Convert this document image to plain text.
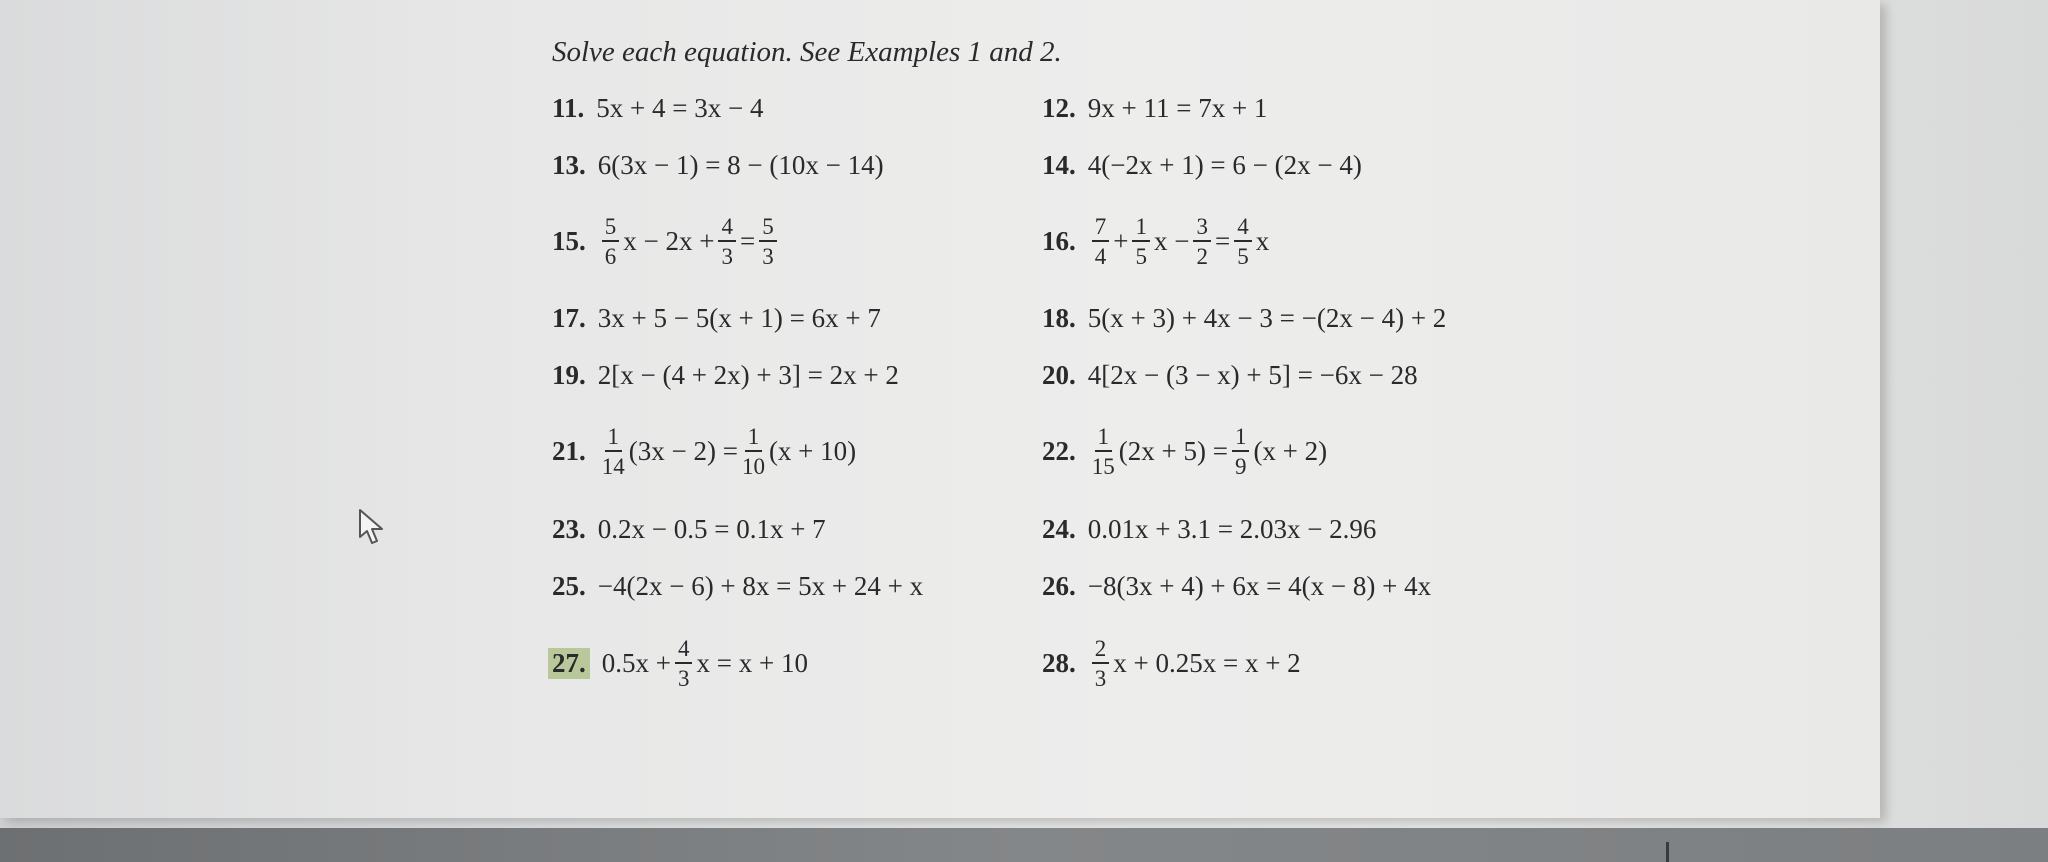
Solve each equation. See Examples 1 and 2.
11. 5x + 4 = 3x − 4	12. 9x + 11 = 7x + 1
13. 6(3x − 1) = 8 − (10x − 14)	14. 4(−2x + 1) = 6 − (2x − 4)
15. $\frac{5}{6}$ $x - 2x + \frac{4}{3} = \frac{5}{3}$	16. $\frac{7}{4} + \frac{1}{5}$ $x - \frac{3}{2} = \frac{4}{5}$ x
17. 3x + 5 − 5(x + 1) = 6x + 7	18. 5(x + 3) + 4x − 3 = −(2x − 4) + 2
19. 2[x − (4 + 2x) + 3] = 2x + 2	20. 4[2x − (3 − x) + 5] = −6x − 28
21. $\frac{1}{14} (3x - 2) = \frac{1}{10} (x + 10)$	22. $\frac{1}{15} (2x + 5) = \frac{1}{9} (x + 2)$
23. 0.2x − 0.5 = 0.1x + 7	24. 0.01x + 3.1 = 2.03x − 2.96
25. −4(2x − 6) + 8x = 5x + 24 + x	26. −8(3x + 4) + 6x = 4(x − 8) + 4x
27. $0.5x + \frac{4}{3}$ x = x + 10	28. $\frac{2}{3}$ x + 0.25x = x + 2
